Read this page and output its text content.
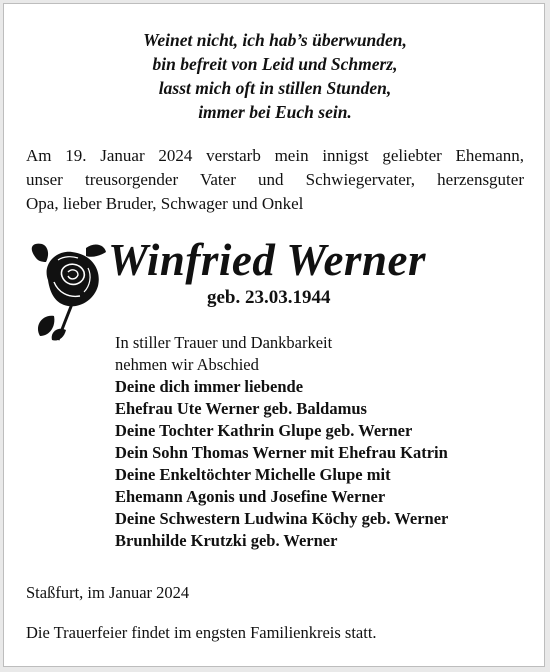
Weinet nicht, ich hab’s überwunden,
bin befreit von Leid und Schmerz,
lasst mich oft in stillen Stunden,
immer bei Euch sein.
Am 19. Januar 2024 verstarb mein innigst geliebter Ehemann,
unser treusorgender Vater und Schwiegervater, herzensguter
Opa, lieber Bruder, Schwager und Onkel
Winfried Werner
geb. 23.03.1944
In stiller Trauer und Dankbarkeit
nehmen wir Abschied
Deine dich immer liebende
Ehefrau Ute Werner geb. Baldamus
Deine Tochter Kathrin Glupe geb. Werner
Dein Sohn Thomas Werner mit Ehefrau Katrin
Deine Enkeltöchter Michelle Glupe mit
Ehemann Agonis und Josefine Werner
Deine Schwestern Ludwina Köchy geb. Werner
Brunhilde Krutzki geb. Werner
Staßfurt, im Januar 2024
Die Trauerfeier findet im engsten Familienkreis statt.
